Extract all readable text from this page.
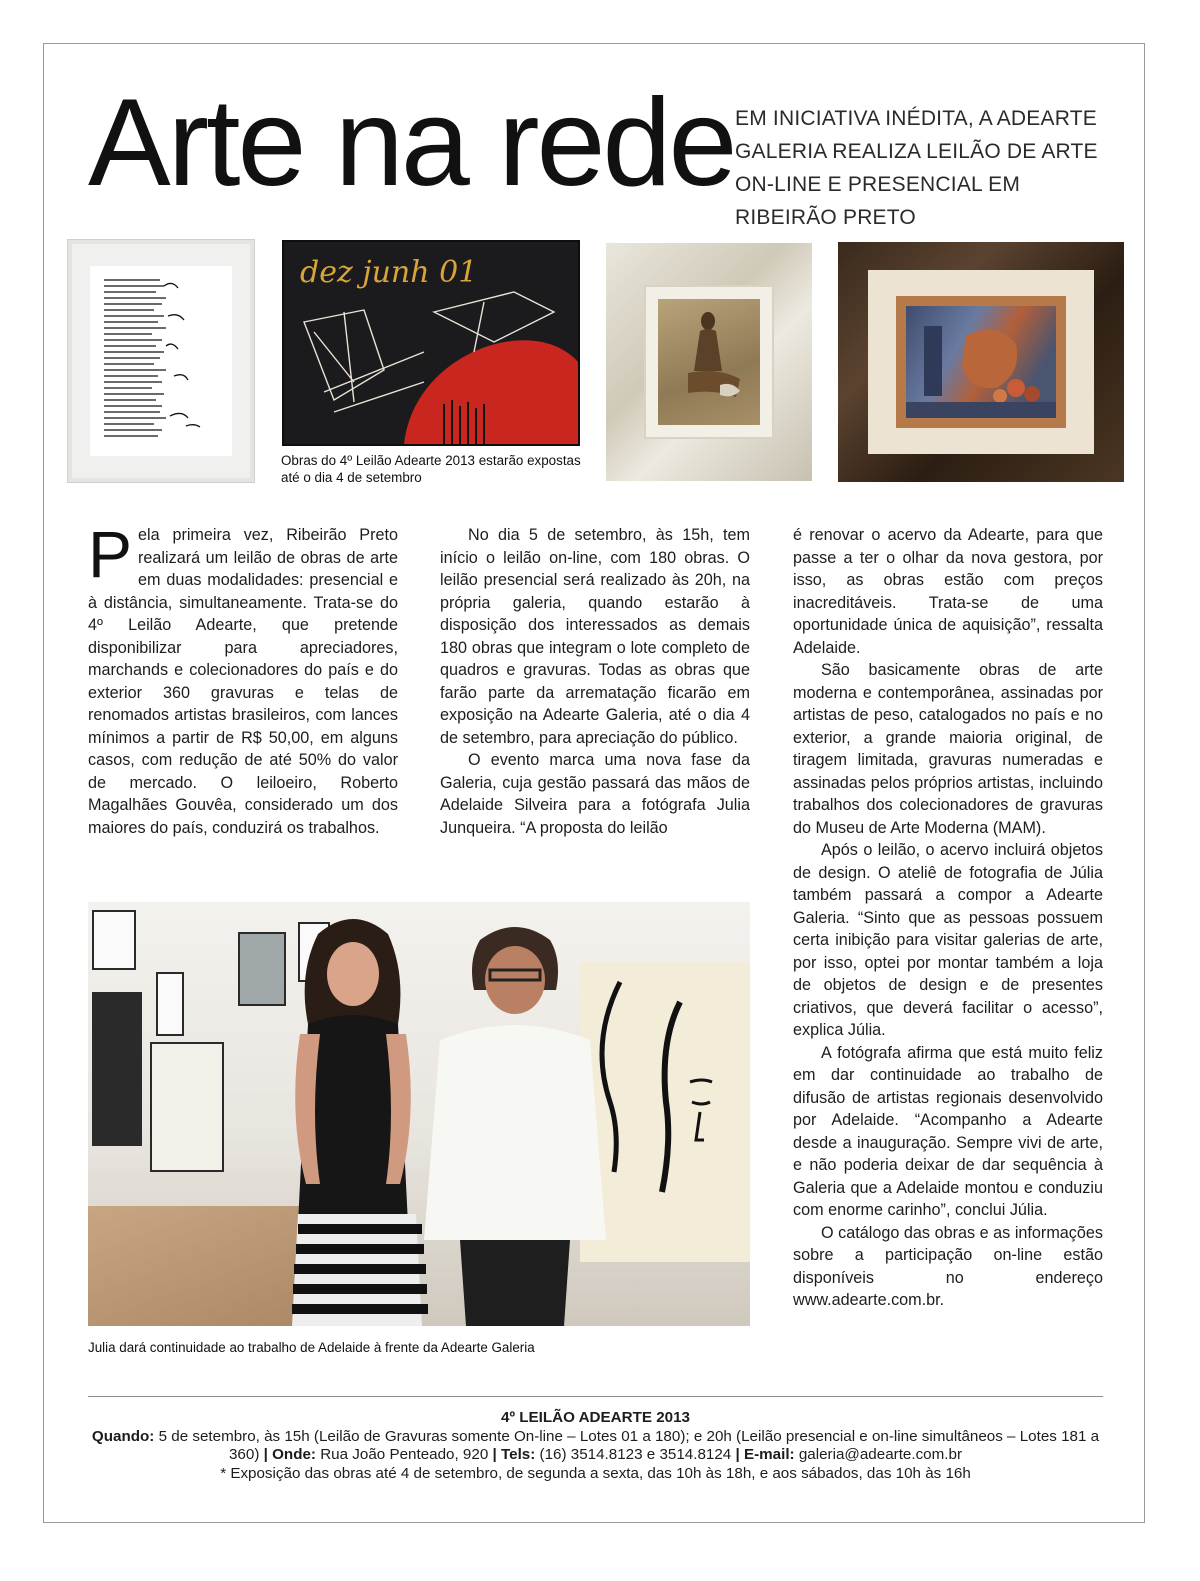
Arte na rede EM INICIATIVA INÉDITA, A ADEARTE GALERIA REALIZA LEILÃO DE ARTE ON-LINE E PRESENCIAL EM RIBEIRÃO PRETO
dez junh 01
Obras do 4º Leilão Adearte 2013 estarão expostas até o dia 4 de setembro

Pela primeira vez, Ribeirão Preto realizará um leilão de obras de arte em duas modalidades: presencial e à distância, simultaneamente. Trata-se do 4º Leilão Adearte, que pretende disponibilizar para apreciadores, marchands e colecionadores do país e do exterior 360 gravuras e telas de renomados artistas brasileiros, com lances mínimos a partir de R$ 50,00, em alguns casos, com redução de até 50% do valor de mercado. O leiloeiro, Roberto Magalhães Gouvêa, considerado um dos maiores do país, conduzirá os trabalhos.

No dia 5 de setembro, às 15h, tem início o leilão on-line, com 180 obras. O leilão presencial será realizado às 20h, na própria galeria, quando estarão à disposição dos interessados as demais 180 obras que integram o lote completo de quadros e gravuras. Todas as obras que farão parte da arrematação ficarão em exposição na Adearte Galeria, até o dia 4 de setembro, para apreciação do público.

O evento marca uma nova fase da Galeria, cuja gestão passará das mãos de Adelaide Silveira para a fotógrafa Julia Junqueira. “A proposta do leilão

é renovar o acervo da Adearte, para que passe a ter o olhar da nova gestora, por isso, as obras estão com preços inacreditáveis. Trata-se de uma oportunidade única de aquisição”, ressalta Adelaide.

São basicamente obras de arte moderna e contemporânea, assinadas por artistas de peso, catalogados no país e no exterior, a grande maioria original, de tiragem limitada, gravuras numeradas e assinadas pelos próprios artistas, incluindo trabalhos dos colecionadores de gravuras do Museu de Arte Moderna (MAM).

Após o leilão, o acervo incluirá objetos de design. O ateliê de fotografia de Júlia também passará a compor a Adearte Galeria. “Sinto que as pessoas possuem certa inibição para visitar galerias de arte, por isso, optei por montar também a loja de objetos de design e de presentes criativos, que deverá facilitar o acesso”, explica Júlia.

A fotógrafa afirma que está muito feliz em dar continuidade ao trabalho de difusão de artistas regionais desenvolvido por Adelaide. “Acompanho a Adearte desde a inauguração. Sempre vivi de arte, e não poderia deixar de dar sequência à Galeria que a Adelaide montou e conduziu com enorme carinho”, conclui Júlia.

O catálogo das obras e as informações sobre a participação on-line estão disponíveis no endereço www.adearte.com.br.

Julia dará continuidade ao trabalho de Adelaide à frente da Adearte Galeria
4º LEILÃO ADEARTE 2013
Quando: 5 de setembro, às 15h (Leilão de Gravuras somente On-line – Lotes 01 a 180); e 20h (Leilão presencial e on-line simultâneos – Lotes 181 a 360) | Onde: Rua João Penteado, 920 | Tels: (16) 3514.8123 e 3514.8124 | E-mail: galeria@adearte.com.br
* Exposição das obras até 4 de setembro, de segunda a sexta, das 10h às 18h, e aos sábados, das 10h às 16h
